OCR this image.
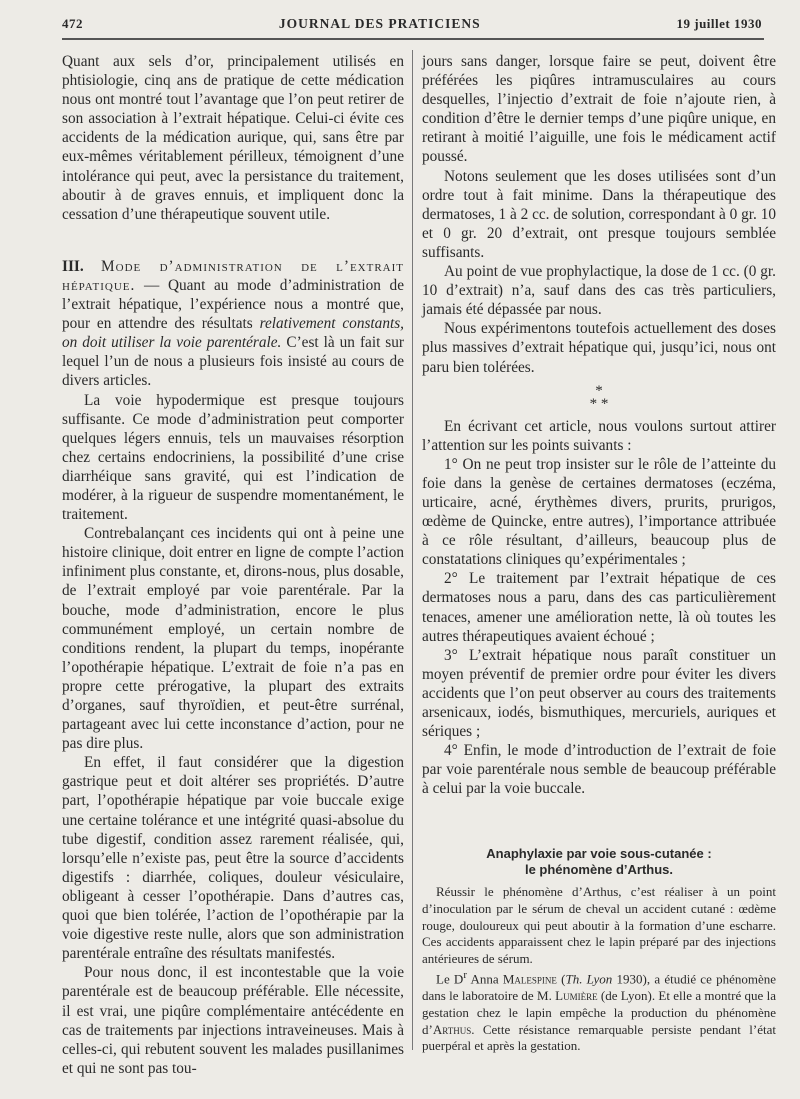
472	JOURNAL DES PRATICIENS	19 juillet 1930

Quant aux sels d’or, principalement utilisés en phtisiologie, cinq ans de pratique de cette médication nous ont montré tout l’avantage que l’on peut retirer de son association à l’extrait hépatique. Celui-ci évite ces accidents de la médication aurique, qui, sans être par eux-mêmes véritablement périlleux, témoignent d’une intolérance qui peut, avec la persistance du traitement, aboutir à de graves ennuis, et impliquent donc la cessation d’une thérapeutique souvent utile.

III. Mode d’administration de l’extrait hépatique. — Quant au mode d’administration de l’extrait hépatique, l’expérience nous a montré que, pour en attendre des résultats relativement constants, on doit utiliser la voie parentérale. C’est là un fait sur lequel l’un de nous a plusieurs fois insisté au cours de divers articles.

La voie hypodermique est presque toujours suffisante. Ce mode d’administration peut comporter quelques légers ennuis, tels un mauvaises résorption chez certains endocriniens, la possibilité d’une crise diarrhéique sans gravité, qui est l’indication de modérer, à la rigueur de suspendre momentanément, le traitement.

Contrebalançant ces incidents qui ont à peine une histoire clinique, doit entrer en ligne de compte l’action infiniment plus constante, et, dirons-nous, plus dosable, de l’extrait employé par voie parentérale. Par la bouche, mode d’administration, encore le plus communément employé, un certain nombre de conditions rendent, la plupart du temps, inopérante l’opothérapie hépatique. L’extrait de foie n’a pas en propre cette prérogative, la plupart des extraits d’organes, sauf thyroïdien, et peut-être surrénal, partageant avec lui cette inconstance d’action, pour ne pas dire plus.

En effet, il faut considérer que la digestion gastrique peut et doit altérer ses propriétés. D’autre part, l’opothérapie hépatique par voie buccale exige une certaine tolérance et une intégrité quasi-absolue du tube digestif, condition assez rarement réalisée, qui, lorsqu’elle n’existe pas, peut être la source d’accidents digestifs : diarrhée, coliques, douleur vésiculaire, obligeant à cesser l’opothérapie. Dans d’autres cas, quoi que bien tolérée, l’action de l’opothérapie par la voie digestive reste nulle, alors que son administration parentérale entraîne des résultats manifestés.

Pour nous donc, il est incontestable que la voie parentérale est de beaucoup préférable. Elle nécessite, il est vrai, une piqûre complémentaire antécédente en cas de traitements par injections intraveineuses. Mais à celles-ci, qui rebutent souvent les malades pusillanimes et qui ne sont pas tou-

jours sans danger, lorsque faire se peut, doivent être préférées les piqûres intramusculaires au cours desquelles, l’injectio d’extrait de foie n’ajoute rien, à condition d’être le dernier temps d’une piqûre unique, en retirant à moitié l’aiguille, une fois le médicament actif poussé.

Notons seulement que les doses utilisées sont d’un ordre tout à fait minime. Dans la thérapeutique des dermatoses, 1 à 2 cc. de solution, correspondant à 0 gr. 10 et 0 gr. 20 d’extrait, ont presque toujours semblée suffisants.

Au point de vue prophylactique, la dose de 1 cc. (0 gr. 10 d’extrait) n’a, sauf dans des cas très particuliers, jamais été dépassée par nous.

Nous expérimentons toutefois actuellement des doses plus massives d’extrait hépatique qui, jusqu’ici, nous ont paru bien tolérées.

*
* *

En écrivant cet article, nous voulons surtout attirer l’attention sur les points suivants :

1° On ne peut trop insister sur le rôle de l’atteinte du foie dans la genèse de certaines dermatoses (eczéma, urticaire, acné, érythèmes divers, prurits, prurigos, œdème de Quincke, entre autres), l’importance attribuée à ce rôle résultant, d’ailleurs, beaucoup plus de constatations cliniques qu’expérimentales ;

2° Le traitement par l’extrait hépatique de ces dermatoses nous a paru, dans des cas particulièrement tenaces, amener une amélioration nette, là où toutes les autres thérapeutiques avaient échoué ;

3° L’extrait hépatique nous paraît constituer un moyen préventif de premier ordre pour éviter les divers accidents que l’on peut observer au cours des traitements arsenicaux, iodés, bismuthiques, mercuriels, auriques et sériques ;

4° Enfin, le mode d’introduction de l’extrait de foie par voie parentérale nous semble de beaucoup préférable à celui par la voie buccale.

Anaphylaxie par voie sous-cutanée :
le phénomène d’Arthus.

Réussir le phénomène d’Arthus, c’est réaliser à un point d’inoculation par le sérum de cheval un accident cutané : œdème rouge, douloureux qui peut aboutir à la formation d’une escharre. Ces accidents apparaissent chez le lapin préparé par des injections antérieures de sérum.

Le $D^r$ Anna Malespine (Th. Lyon 1930), a étudié ce phénomène dans le laboratoire de M. Lumière (de Lyon). Et elle a montré que la gestation chez le lapin empêche la production du phénomène d’Arthus. Cette résistance remarquable persiste pendant l’état puerpéral et après la gestation.
